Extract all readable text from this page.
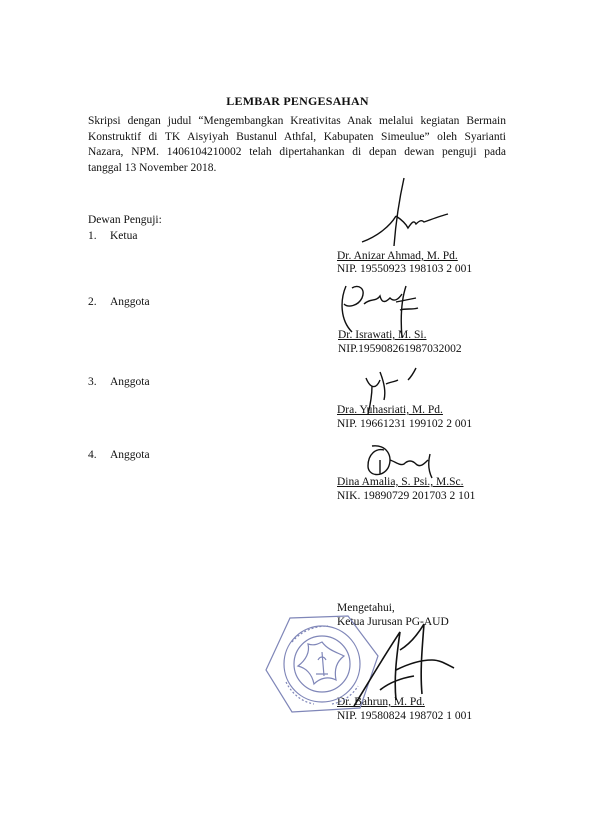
LEMBAR PENGESAHAN
Skripsi dengan judul “Mengembangkan Kreativitas Anak melalui kegiatan Bermain
Konstruktif di TK Aisyiyah Bustanul Athfal, Kabupaten Simeulue” oleh Syarianti
Nazara, NPM. 1406104210002 telah dipertahankan di depan dewan penguji pada
tanggal 13 November 2018.
Dewan Penguji:
1. Ketua
Dr. Anizar Ahmad, M. Pd.
NIP. 19550923 198103 2 001
2. Anggota
Dr. Israwati, M. Si.
NIP.195908261987032002
3. Anggota
Dra. Yuhasriati, M. Pd.
NIP. 19661231 199102 2 001
4. Anggota
Dina Amalia, S. Psi., M.Sc.
NIK. 19890729 201703 2 101
Mengetahui,
Ketua Jurusan PG-AUD
Dr. Bahrun, M. Pd.
NIP. 19580824 198702 1 001
